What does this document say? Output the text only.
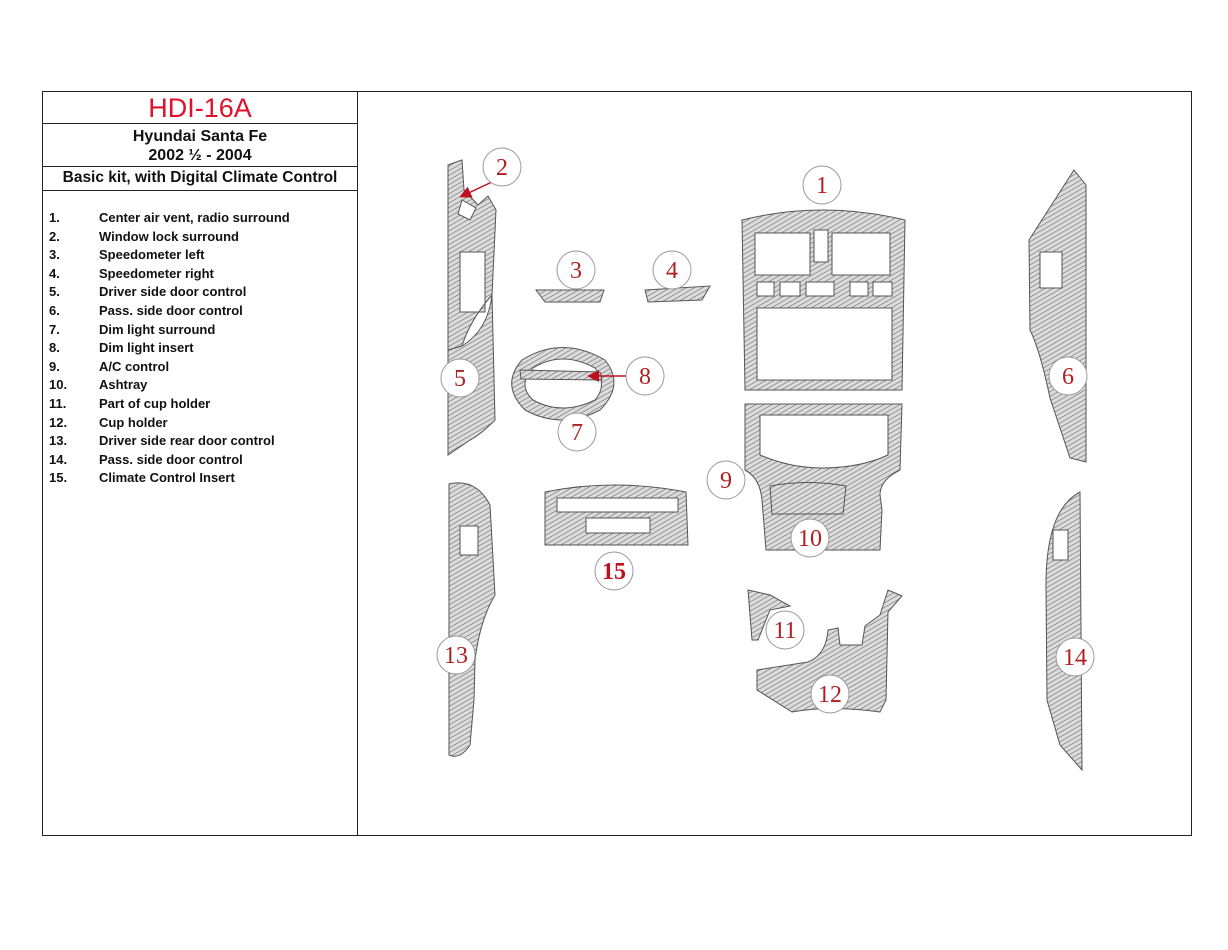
HDI-16A
Hyundai Santa Fe
2002 ½ - 2004
Basic kit, with Digital Climate Control
1.	Center air vent, radio surround
2.	Window lock surround
3.	Speedometer left
4.	Speedometer right
5.	Driver side door control
6.	Pass. side door control
7.	Dim light surround
8.	Dim light insert
9.	A/C control
10. Ashtray
11.	Part of cup holder
12. Cup holder
13. Driver side rear door control
14. Pass. side door control
15. Climate Control Insert
1
2
3	4
5	6
7
8
9
10
11
12
13	14
15
